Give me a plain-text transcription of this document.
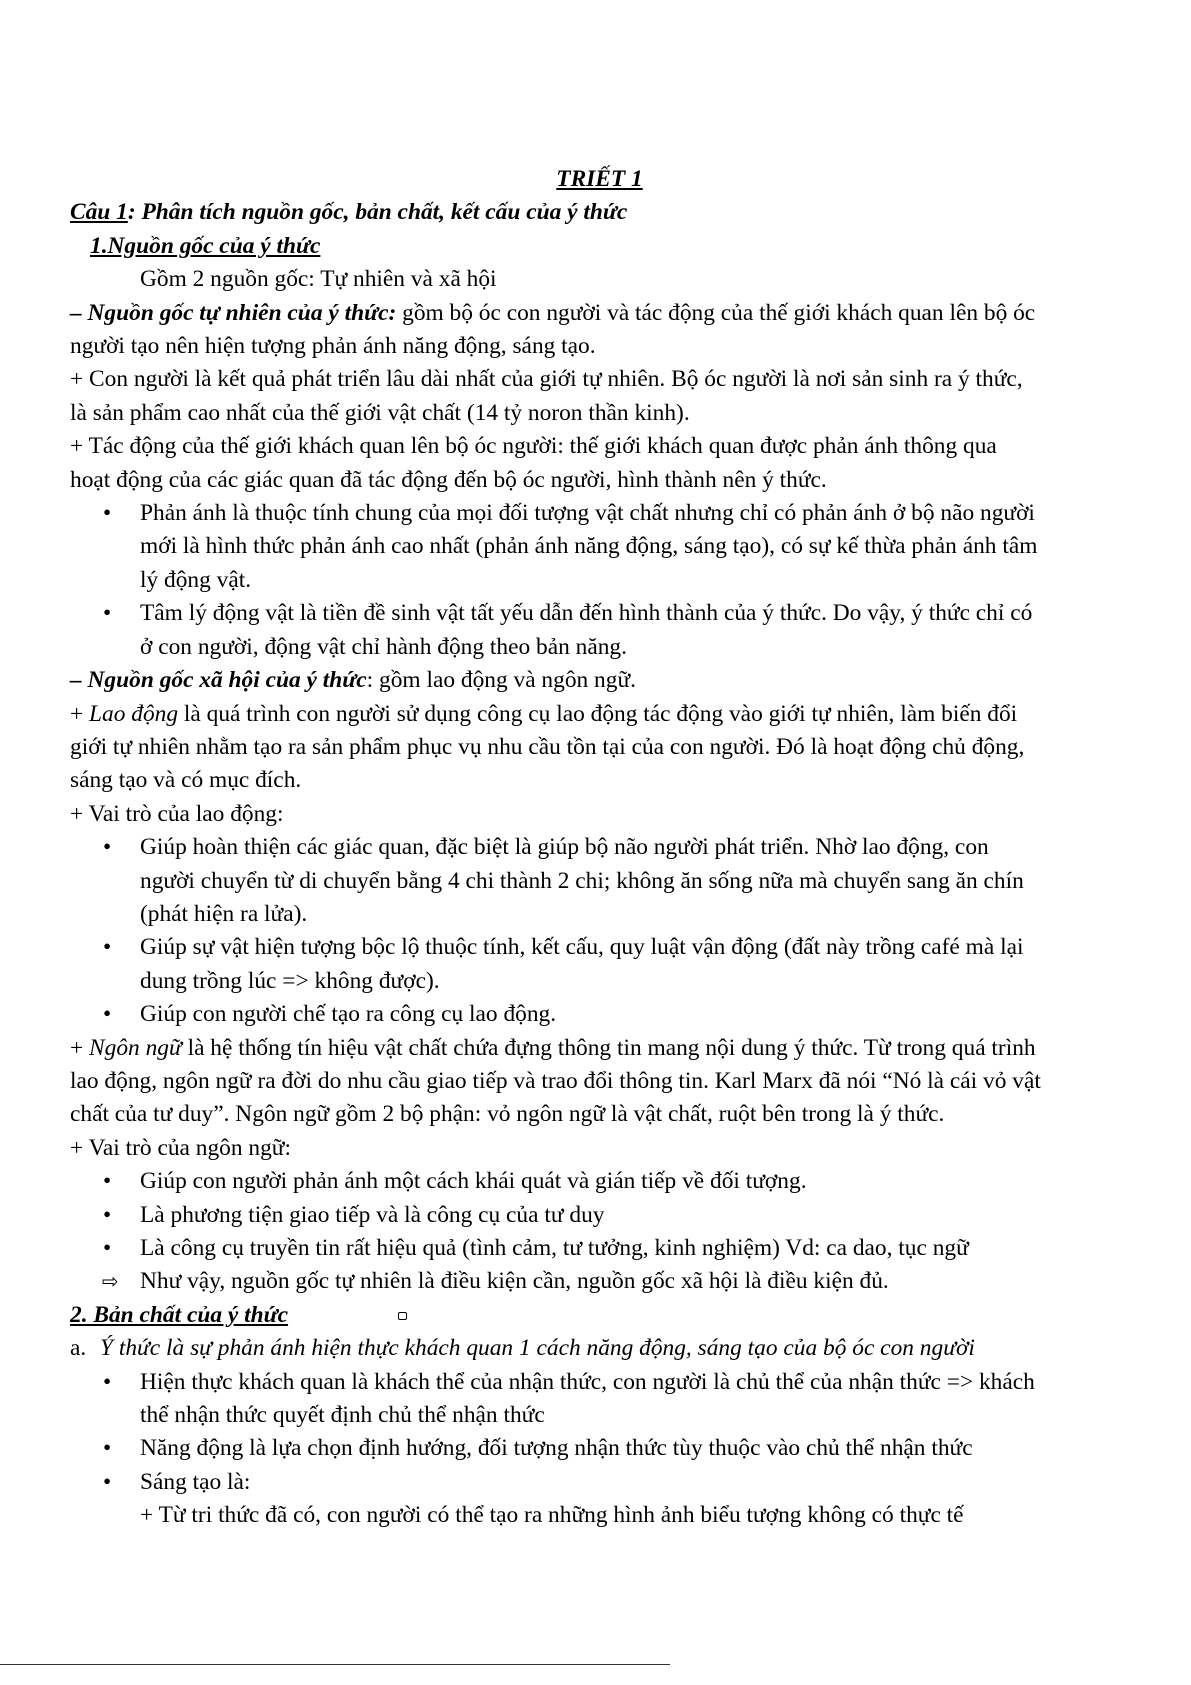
TRIẾT 1
Câu 1: Phân tích nguồn gốc, bản chất, kết cấu của ý thức
1.Nguồn gốc của ý thức
Gồm 2 nguồn gốc: Tự nhiên và xã hội
– Nguồn gốc tự nhiên của ý thức: gồm bộ óc con người và tác động của thế giới khách quan lên bộ óc
người tạo nên hiện tượng phản ánh năng động, sáng tạo.
+ Con người là kết quả phát triển lâu dài nhất của giới tự nhiên. Bộ óc người là nơi sản sinh ra ý thức,
là sản phẩm cao nhất của thế giới vật chất (14 tỷ noron thần kinh).
+ Tác động của thế giới khách quan lên bộ óc người: thế giới khách quan được phản ánh thông qua
hoạt động của các giác quan đã tác động đến bộ óc người, hình thành nên ý thức.
• Phản ánh là thuộc tính chung của mọi đối tượng vật chất nhưng chỉ có phản ánh ở bộ não người
mới là hình thức phản ánh cao nhất (phản ánh năng động, sáng tạo), có sự kế thừa phản ánh tâm
lý động vật.
• Tâm lý động vật là tiền đề sinh vật tất yếu dẫn đến hình thành của ý thức. Do vậy, ý thức chỉ có
ở con người, động vật chỉ hành động theo bản năng.
– Nguồn gốc xã hội của ý thức: gồm lao động và ngôn ngữ.
+ Lao động là quá trình con người sử dụng công cụ lao động tác động vào giới tự nhiên, làm biến đổi
giới tự nhiên nhằm tạo ra sản phẩm phục vụ nhu cầu tồn tại của con người. Đó là hoạt động chủ động,
sáng tạo và có mục đích.
+ Vai trò của lao động:
• Giúp hoàn thiện các giác quan, đặc biệt là giúp bộ não người phát triển. Nhờ lao động, con
người chuyển từ di chuyển bằng 4 chi thành 2 chi; không ăn sống nữa mà chuyển sang ăn chín
(phát hiện ra lửa).
• Giúp sự vật hiện tượng bộc lộ thuộc tính, kết cấu, quy luật vận động (đất này trồng café mà lại
dung trồng lúc => không được).
• Giúp con người chế tạo ra công cụ lao động.
+ Ngôn ngữ là hệ thống tín hiệu vật chất chứa đựng thông tin mang nội dung ý thức. Từ trong quá trình
lao động, ngôn ngữ ra đời do nhu cầu giao tiếp và trao đổi thông tin. Karl Marx đã nói “Nó là cái vỏ vật
chất của tư duy”. Ngôn ngữ gồm 2 bộ phận: vỏ ngôn ngữ là vật chất, ruột bên trong là ý thức.
+ Vai trò của ngôn ngữ:
• Giúp con người phản ánh một cách khái quát và gián tiếp về đối tượng.
• Là phương tiện giao tiếp và là công cụ của tư duy
• Là công cụ truyền tin rất hiệu quả (tình cảm, tư tưởng, kinh nghiệm) Vd: ca dao, tục ngữ
⇨ Như vậy, nguồn gốc tự nhiên là điều kiện cần, nguồn gốc xã hội là điều kiện đủ.
2. Bản chất của ý thức
a. Ý thức là sự phản ánh hiện thực khách quan 1 cách năng động, sáng tạo của bộ óc con người
• Hiện thực khách quan là khách thể của nhận thức, con người là chủ thể của nhận thức => khách
thể nhận thức quyết định chủ thể nhận thức
• Năng động là lựa chọn định hướng, đối tượng nhận thức tùy thuộc vào chủ thể nhận thức
• Sáng tạo là:
+ Từ tri thức đã có, con người có thể tạo ra những hình ảnh biểu tượng không có thực tế
